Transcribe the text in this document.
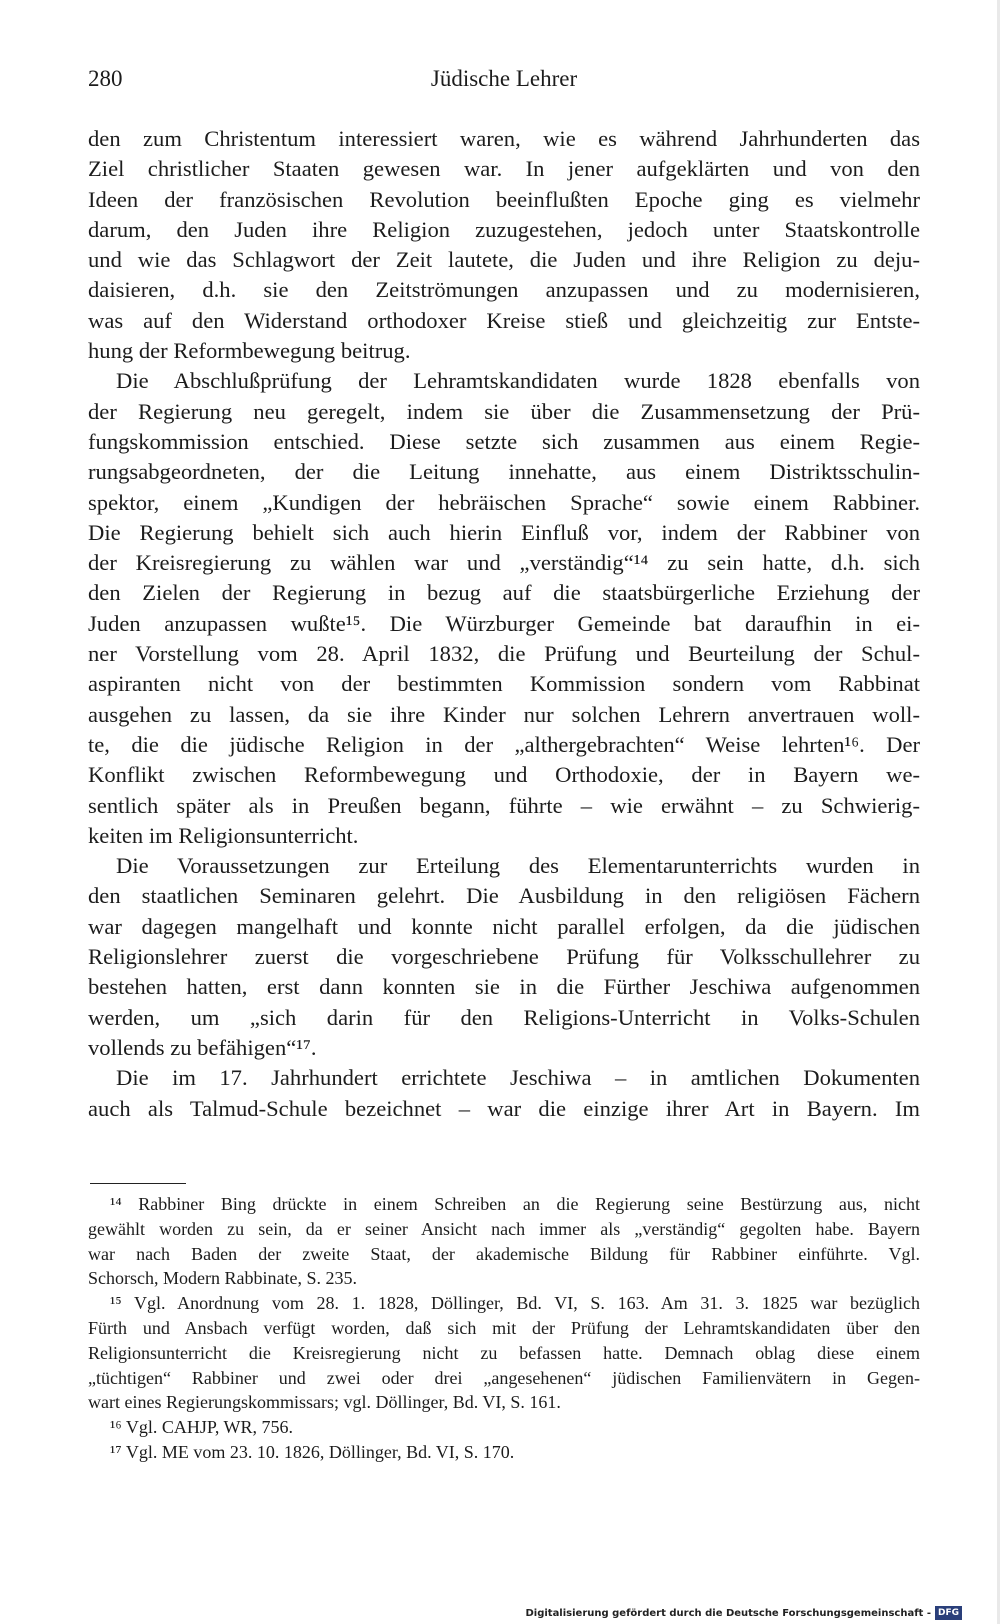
280	Jüdische Lehrer
den zum Christentum interessiert waren, wie es während Jahrhunderten das
Ziel christlicher Staaten gewesen war. In jener aufgeklärten und von den
Ideen der französischen Revolution beeinflußten Epoche ging es vielmehr
darum, den Juden ihre Religion zuzugestehen, jedoch unter Staatskontrolle
und wie das Schlagwort der Zeit lautete, die Juden und ihre Religion zu deju-
daisieren, d.h. sie den Zeitströmungen anzupassen und zu modernisieren,
was auf den Widerstand orthodoxer Kreise stieß und gleichzeitig zur Entste-
hung der Reformbewegung beitrug.
Die Abschlußprüfung der Lehramtskandidaten wurde 1828 ebenfalls von
der Regierung neu geregelt, indem sie über die Zusammensetzung der Prü-
fungskommission entschied. Diese setzte sich zusammen aus einem Regie-
rungsabgeordneten, der die Leitung innehatte, aus einem Distriktsschulin-
spektor, einem „Kundigen der hebräischen Sprache“ sowie einem Rabbiner.
Die Regierung behielt sich auch hierin Einfluß vor, indem der Rabbiner von
der Kreisregierung zu wählen war und „verständig“¹⁴ zu sein hatte, d.h. sich
den Zielen der Regierung in bezug auf die staatsbürgerliche Erziehung der
Juden anzupassen wußte¹⁵. Die Würzburger Gemeinde bat daraufhin in ei-
ner Vorstellung vom 28. April 1832, die Prüfung und Beurteilung der Schul-
aspiranten nicht von der bestimmten Kommission sondern vom Rabbinat
ausgehen zu lassen, da sie ihre Kinder nur solchen Lehrern anvertrauen woll-
te, die die jüdische Religion in der „althergebrachten“ Weise lehrten¹⁶. Der
Konflikt zwischen Reformbewegung und Orthodoxie, der in Bayern we-
sentlich später als in Preußen begann, führte – wie erwähnt – zu Schwierig-
keiten im Religionsunterricht.
Die Voraussetzungen zur Erteilung des Elementarunterrichts wurden in
den staatlichen Seminaren gelehrt. Die Ausbildung in den religiösen Fächern
war dagegen mangelhaft und konnte nicht parallel erfolgen, da die jüdischen
Religionslehrer zuerst die vorgeschriebene Prüfung für Volksschullehrer zu
bestehen hatten, erst dann konnten sie in die Fürther Jeschiwa aufgenommen
werden, um „sich darin für den Religions-Unterricht in Volks-Schulen
vollends zu befähigen“¹⁷.
Die im 17. Jahrhundert errichtete Jeschiwa – in amtlichen Dokumenten
auch als Talmud-Schule bezeichnet – war die einzige ihrer Art in Bayern. Im
¹⁴ Rabbiner Bing drückte in einem Schreiben an die Regierung seine Bestürzung aus, nicht
gewählt worden zu sein, da er seiner Ansicht nach immer als „verständig“ gegolten habe. Bayern
war nach Baden der zweite Staat, der akademische Bildung für Rabbiner einführte. Vgl.
Schorsch, Modern Rabbinate, S. 235.
¹⁵ Vgl. Anordnung vom 28. 1. 1828, Döllinger, Bd. VI, S. 163. Am 31. 3. 1825 war bezüglich
Fürth und Ansbach verfügt worden, daß sich mit der Prüfung der Lehramtskandidaten über den
Religionsunterricht die Kreisregierung nicht zu befassen hatte. Demnach oblag diese einem
„tüchtigen“ Rabbiner und zwei oder drei „angesehenen“ jüdischen Familienvätern in Gegen-
wart eines Regierungskommissars; vgl. Döllinger, Bd. VI, S. 161.
¹⁶ Vgl. CAHJP, WR, 756.
¹⁷ Vgl. ME vom 23. 10. 1826, Döllinger, Bd. VI, S. 170.
Digitalisierung gefördert durch die Deutsche Forschungsgemeinschaft - DFG
